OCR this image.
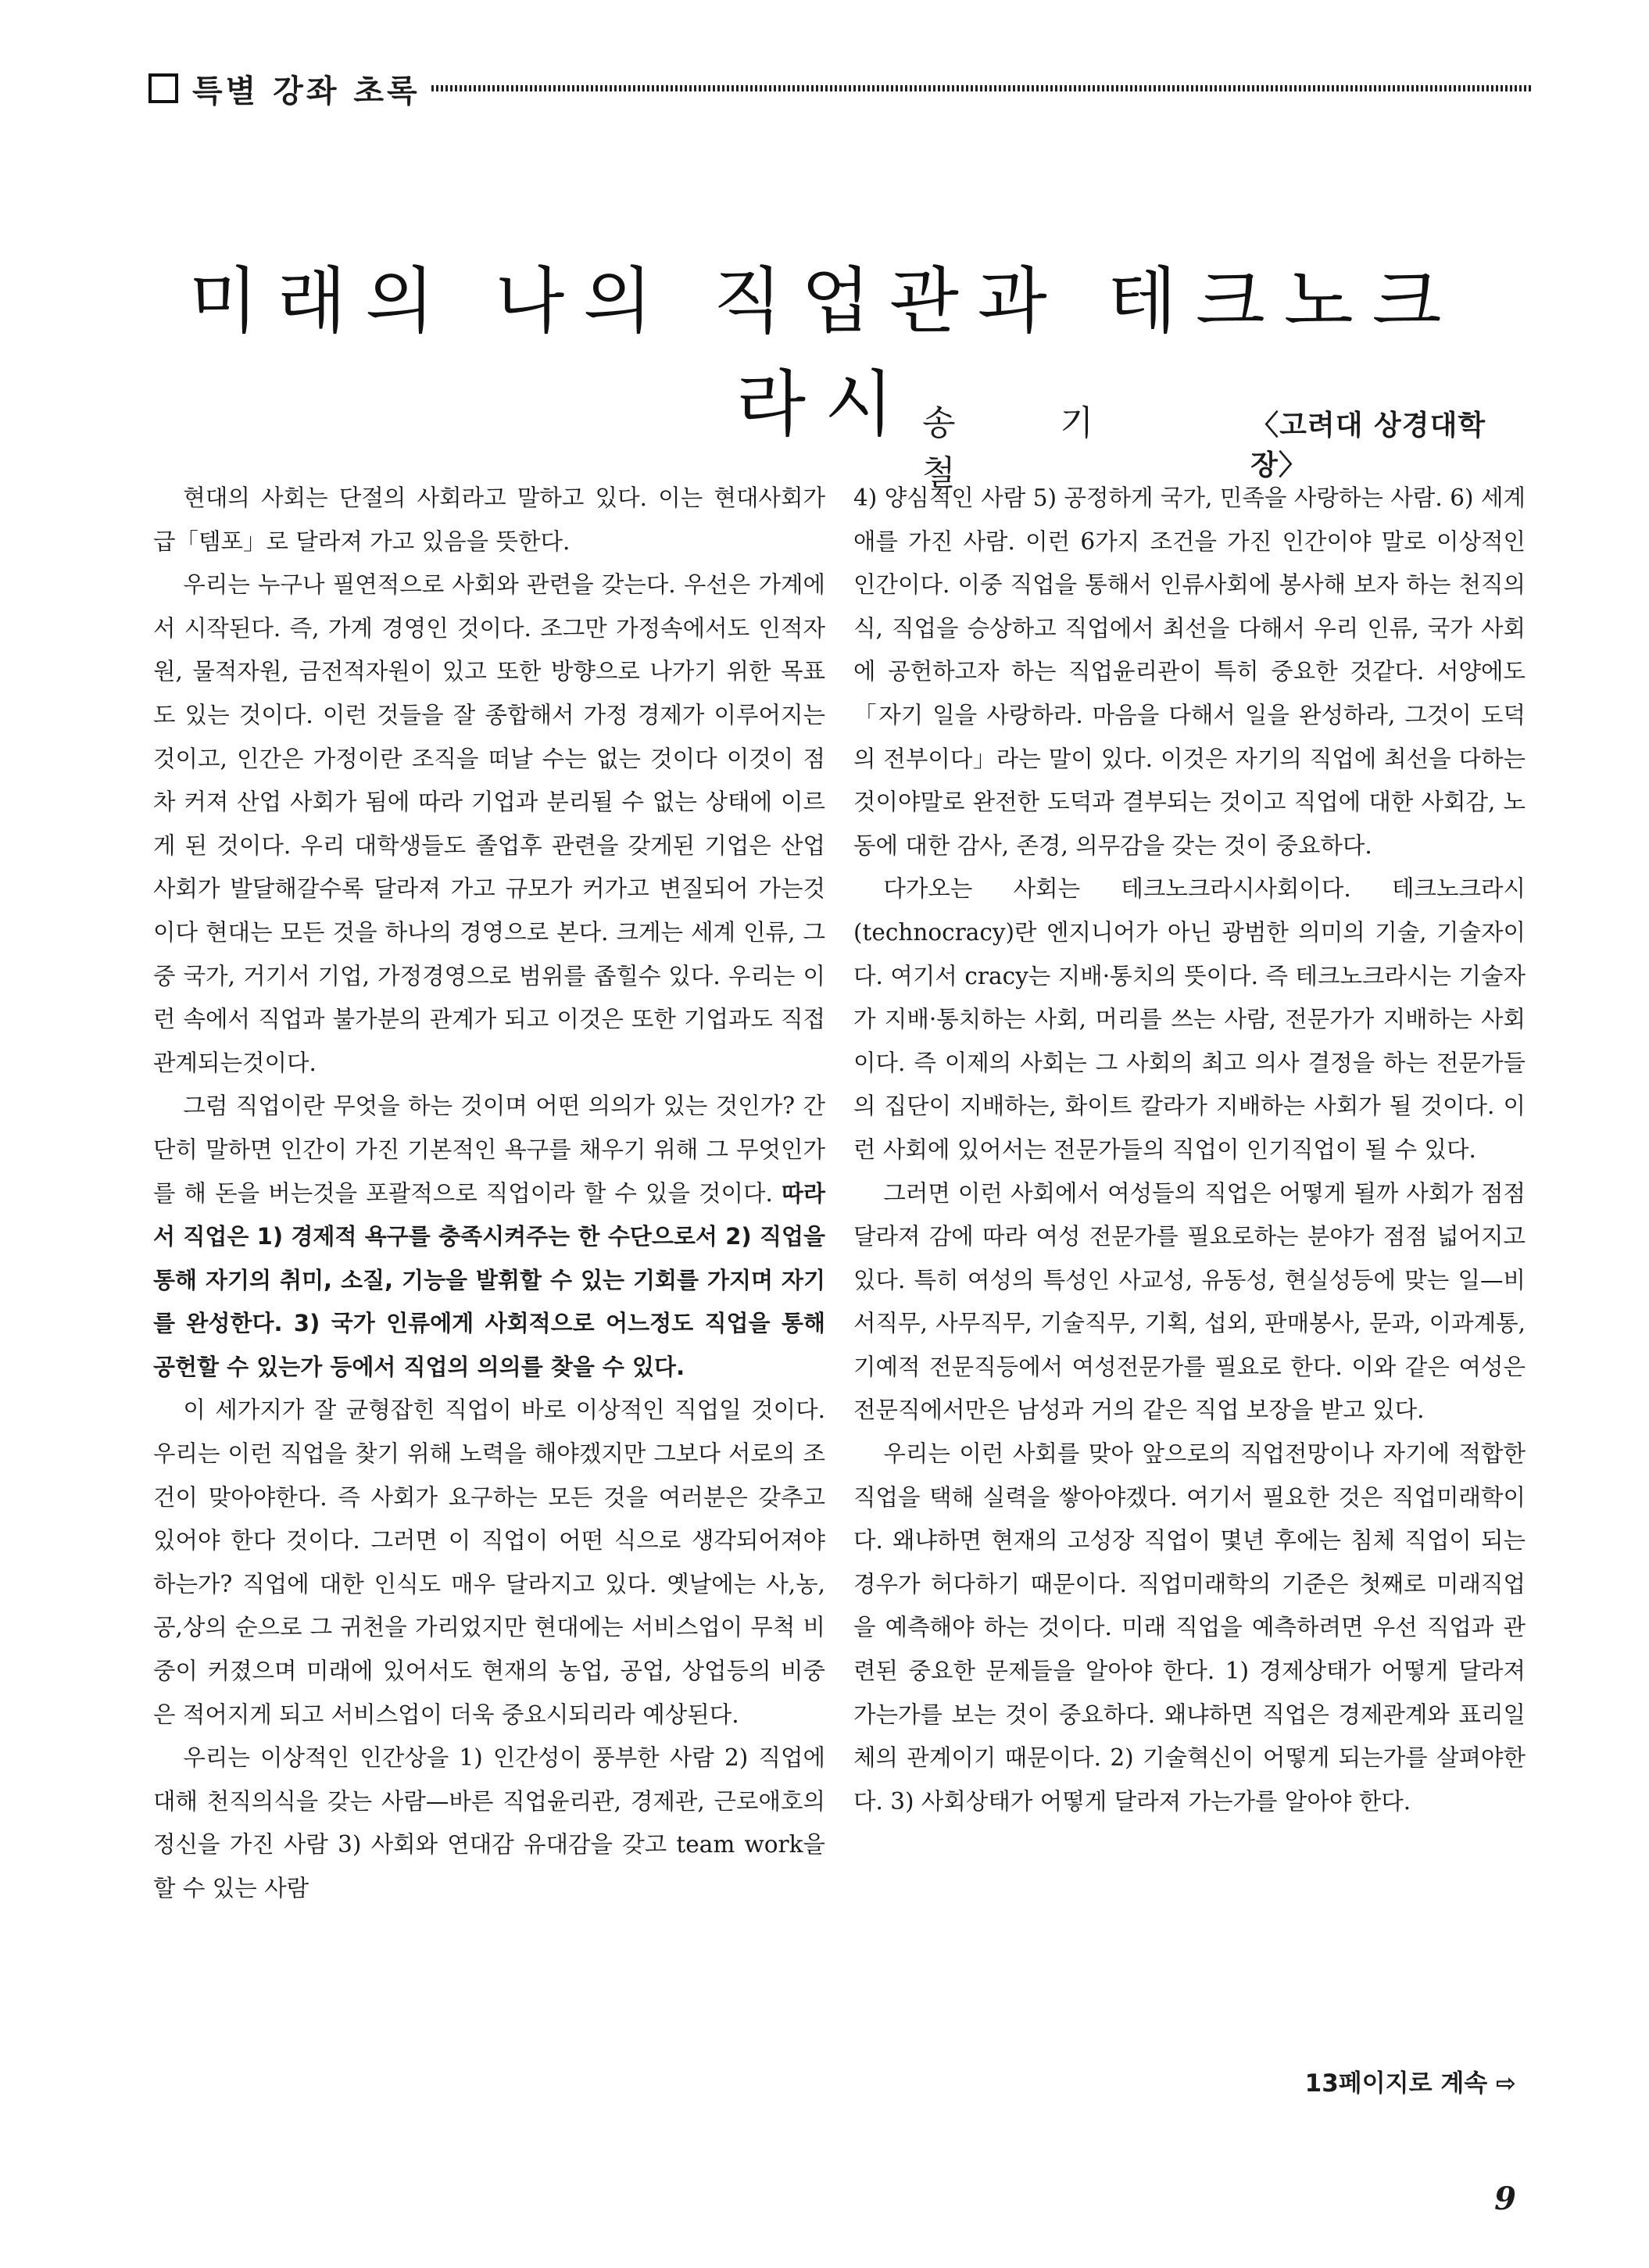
특별 강좌 초록
미래의 나의 직업관과 테크노크라시 송 기 철
〈고려대 상경대학장〉

현대의 사회는 단절의 사회라고 말하고 있다. 이는 현대사회가 급「템포」로 달라져 가고 있음을 뜻한다.

우리는 누구나 필연적으로 사회와 관련을 갖는다. 우선은 가계에서 시작된다. 즉, 가계 경영인 것이다. 조그만 가정속에서도 인적자원, 물적자원, 금전적자원이 있고 또한 방향으로 나가기 위한 목표도 있는 것이다. 이런 것들을 잘 종합해서 가정 경제가 이루어지는 것이고, 인간은 가정이란 조직을 떠날 수는 없는 것이다 이것이 점차 커져 산업 사회가 됨에 따라 기업과 분리될 수 없는 상태에 이르게 된 것이다. 우리 대학생들도 졸업후 관련을 갖게된 기업은 산업사회가 발달해갈수록 달라져 가고 규모가 커가고 변질되어 가는것이다 현대는 모든 것을 하나의 경영으로 본다. 크게는 세계 인류, 그중 국가, 거기서 기업, 가정경영으로 범위를 좁힐수 있다. 우리는 이런 속에서 직업과 불가분의 관계가 되고 이것은 또한 기업과도 직접 관계되는것이다.

그럼 직업이란 무엇을 하는 것이며 어떤 의의가 있는 것인가? 간단히 말하면 인간이 가진 기본적인 욕구를 채우기 위해 그 무엇인가를 해 돈을 버는것을 포괄적으로 직업이라 할 수 있을 것이다. 따라서 직업은 1) 경제적 욕구를 충족시켜주는 한 수단으로서 2) 직업을 통해 자기의 취미, 소질, 기능을 발휘할 수 있는 기회를 가지며 자기를 완성한다. 3) 국가 인류에게 사회적으로 어느정도 직업을 통해 공헌할 수 있는가 등에서 직업의 의의를 찾을 수 있다.

이 세가지가 잘 균형잡힌 직업이 바로 이상적인 직업일 것이다. 우리는 이런 직업을 찾기 위해 노력을 해야겠지만 그보다 서로의 조건이 맞아야한다. 즉 사회가 요구하는 모든 것을 여러분은 갖추고 있어야 한다 것이다. 그러면 이 직업이 어떤 식으로 생각되어져야 하는가? 직업에 대한 인식도 매우 달라지고 있다. 옛날에는 사,농,공,상의 순으로 그 귀천을 가리었지만 현대에는 서비스업이 무척 비중이 커졌으며 미래에 있어서도 현재의 농업, 공업, 상업등의 비중은 적어지게 되고 서비스업이 더욱 중요시되리라 예상된다.

우리는 이상적인 인간상을 1) 인간성이 풍부한 사람 2) 직업에 대해 천직의식을 갖는 사람—바른 직업윤리관, 경제관, 근로애호의 정신을 가진 사람 3) 사회와 연대감 유대감을 갖고 team work을 할 수 있는 사람

4) 양심적인 사람 5) 공정하게 국가, 민족을 사랑하는 사람. 6) 세계애를 가진 사람. 이런 6가지 조건을 가진 인간이야 말로 이상적인 인간이다. 이중 직업을 통해서 인류사회에 봉사해 보자 하는 천직의식, 직업을 승상하고 직업에서 최선을 다해서 우리 인류, 국가 사회에 공헌하고자 하는 직업윤리관이 특히 중요한 것같다. 서양에도 「자기 일을 사랑하라. 마음을 다해서 일을 완성하라, 그것이 도덕의 전부이다」라는 말이 있다. 이것은 자기의 직업에 최선을 다하는 것이야말로 완전한 도덕과 결부되는 것이고 직업에 대한 사회감, 노동에 대한 감사, 존경, 의무감을 갖는 것이 중요하다.

다가오는 사회는 테크노크라시사회이다. 테크노크라시(technocracy)란 엔지니어가 아닌 광범한 의미의 기술, 기술자이다. 여기서 cracy는 지배·통치의 뜻이다. 즉 테크노크라시는 기술자가 지배·통치하는 사회, 머리를 쓰는 사람, 전문가가 지배하는 사회이다. 즉 이제의 사회는 그 사회의 최고 의사 결정을 하는 전문가들의 집단이 지배하는, 화이트 칼라가 지배하는 사회가 될 것이다. 이런 사회에 있어서는 전문가들의 직업이 인기직업이 될 수 있다.

그러면 이런 사회에서 여성들의 직업은 어떻게 될까 사회가 점점 달라져 감에 따라 여성 전문가를 필요로하는 분야가 점점 넓어지고 있다. 특히 여성의 특성인 사교성, 유동성, 현실성등에 맞는 일—비서직무, 사무직무, 기술직무, 기획, 섭외, 판매봉사, 문과, 이과계통, 기예적 전문직등에서 여성전문가를 필요로 한다. 이와 같은 여성은 전문직에서만은 남성과 거의 같은 직업 보장을 받고 있다.

우리는 이런 사회를 맞아 앞으로의 직업전망이나 자기에 적합한 직업을 택해 실력을 쌓아야겠다. 여기서 필요한 것은 직업미래학이다. 왜냐하면 현재의 고성장 직업이 몇년 후에는 침체 직업이 되는 경우가 허다하기 때문이다. 직업미래학의 기준은 첫째로 미래직업을 예측해야 하는 것이다. 미래 직업을 예측하려면 우선 직업과 관련된 중요한 문제들을 알아야 한다. 1) 경제상태가 어떻게 달라져 가는가를 보는 것이 중요하다. 왜냐하면 직업은 경제관계와 표리일체의 관계이기 때문이다. 2) 기술혁신이 어떻게 되는가를 살펴야한다. 3) 사회상태가 어떻게 달라져 가는가를 알아야 한다.

13페이지로 계속 ⇨
9
